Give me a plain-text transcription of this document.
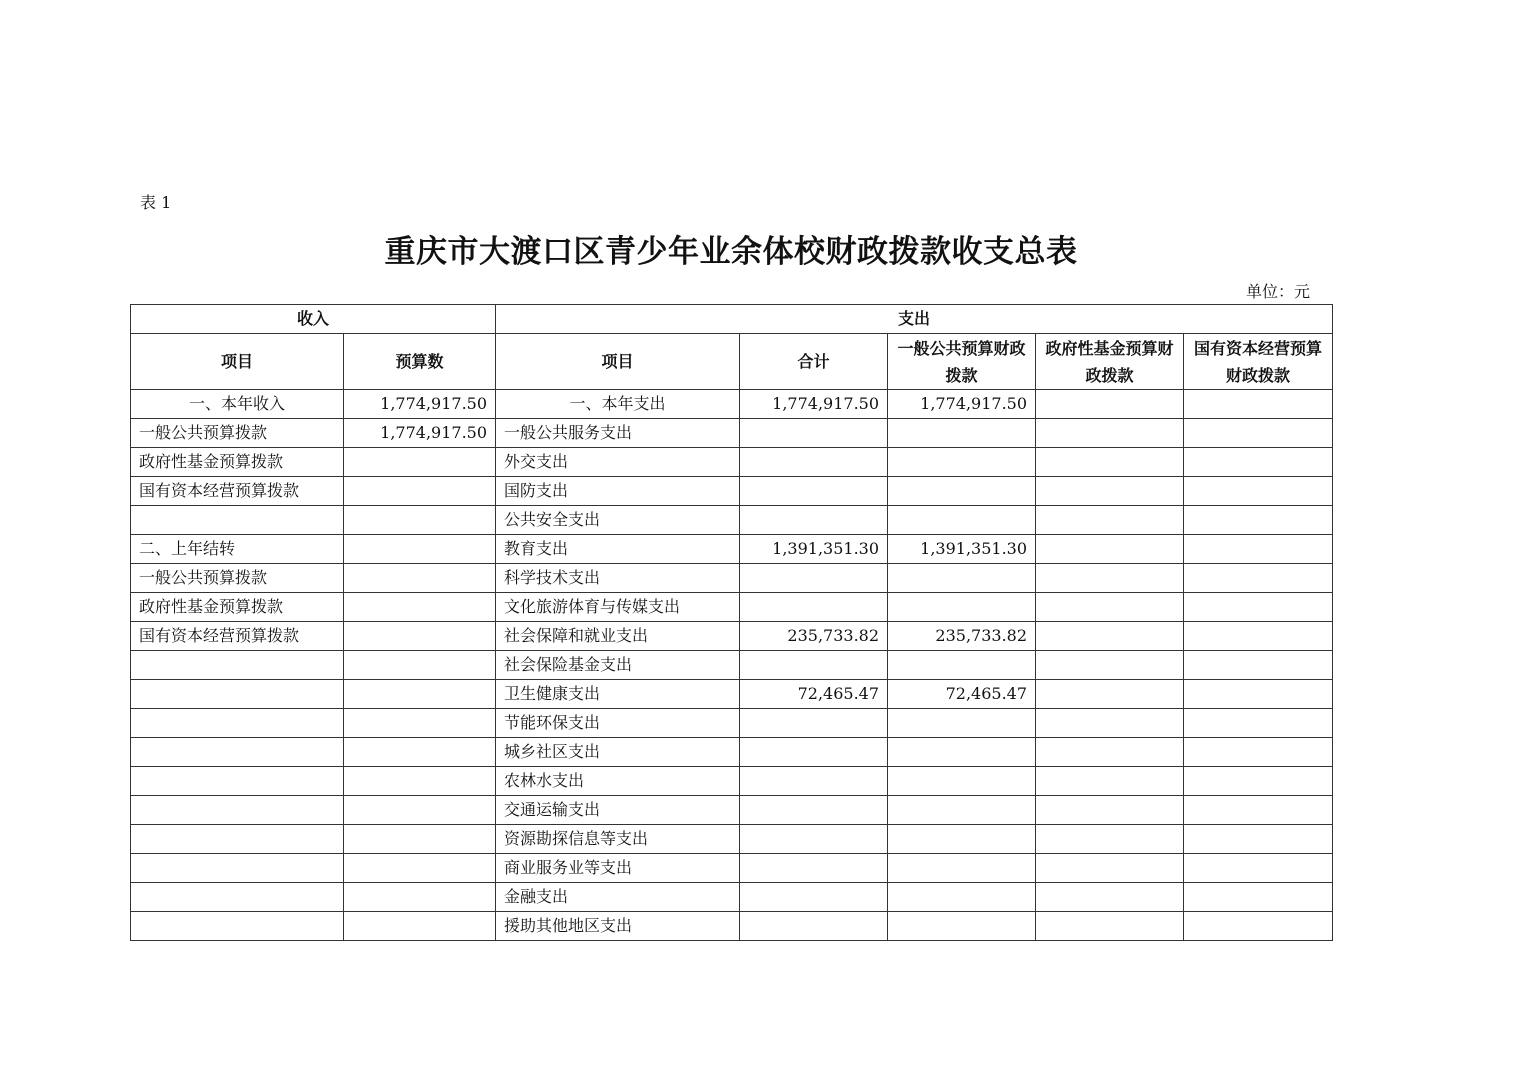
表 1
重庆市大渡口区青少年业余体校财政拨款收支总表
单位：元
收入		支出				
项目	预算数	项目	合计	一般公共预算财政拨款	政府性基金预算财政拨款	国有资本经营预算财政拨款
一、本年收入	1,774,917.50	一、本年支出	1,774,917.50	1,774,917.50		
一般公共预算拨款	1,774,917.50	一般公共服务支出				
政府性基金预算拨款		外交支出				
国有资本经营预算拨款		国防支出				
		公共安全支出				
二、上年结转		教育支出	1,391,351.30	1,391,351.30		
一般公共预算拨款		科学技术支出				
政府性基金预算拨款		文化旅游体育与传媒支出				
国有资本经营预算拨款		社会保障和就业支出	235,733.82	235,733.82		
		社会保险基金支出				
		卫生健康支出	72,465.47	72,465.47		
		节能环保支出				
		城乡社区支出				
		农林水支出				
		交通运输支出				
		资源勘探信息等支出				
		商业服务业等支出				
		金融支出				
		援助其他地区支出				
